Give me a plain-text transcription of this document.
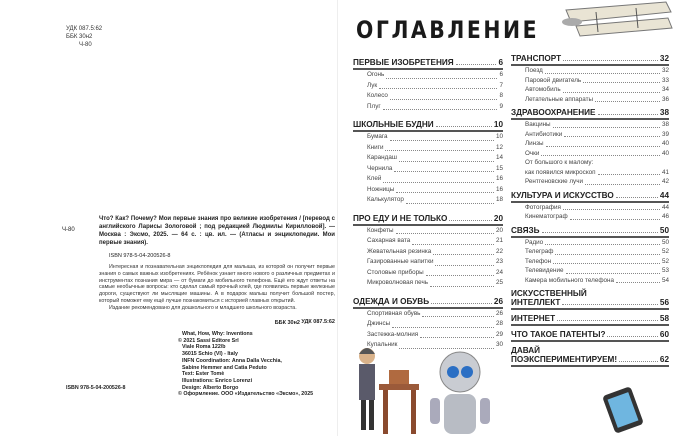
УДК 087.5:62
ББК 30н2
Ч-80
Ч-80
Что? Как? Почему? Мои первые знания про великие изобретения / [перевод с английского Ларисы Зологовой ; под редакцией Людмилы Кирилловой]. — Москва : Эксмо, 2025. — 64 с. : цв. ил. — (Атласы и энциклопедии. Мои первые знания).
ISBN 978-5-04-200526-8
Интересная и познавательная энциклопедия для малыша, из которой он получит первые знания о самых важных изобретениях. Ребёнок узнает много нового о различных предметах и инструментах познания мира — от бумаги до мобильного телефона. Ещё его ждут ответы на самые необычные вопросы: кто сделал самый прочный клей, где появились первые железные дороги, существуют ли мыслящие машины. А в подарок малыш получит большой постер, который поможет ему ещё лучше познакомиться с историей главных открытий.
Издание рекомендовано для дошкольного и младшего школьного возраста.
УДК 087.5:62
ББК 30н2
What, How, Why: Inventions
© 2021 Sassi Editore Srl
Viale Roma 122/b
36015 Schio (VI) - Italy
INFN Coordination: Anna Dalla Vecchia,
Sabine Hemmer and Catia Peduto
Text: Ester Tomè
Illustrations: Enrico Lorenzi
Design: Alberto Borgo
© Оформление. ООО «Издательство «Эксмо», 2025
ISBN 978-5-04-200526-8
ОГЛАВЛЕНИЕ
ПЕРВЫЕ ИЗОБРЕТЕНИЯ	6
Огонь	6
Лук	7
Колесо	8
Плуг	9
ШКОЛЬНЫЕ БУДНИ	10
Бумага	10
Книги	12
Карандаш	14
Чернила	15
Клей	16
Ножницы	16
Калькулятор	18
ПРО ЕДУ И НЕ ТОЛЬКО	20
Конфеты	20
Сахарная вата	21
Жевательная резинка	22
Газированные напитки	23
Столовые приборы	24
Микроволновая печь	25
ОДЕЖДА И ОБУВЬ	26
Спортивная обувь	26
Джинсы	28
Застежка-молния	29
Купальник	30
ТРАНСПОРТ	32
Поезд	32
Паровой двигатель	33
Автомобиль	34
Летательные аппараты	36
ЗДРАВООХРАНЕНИЕ	38
Вакцины	38
Антибиотики	39
Линзы	40
Очки	40
От большого к малому:
как появился микроскоп	41
Рентгеновские лучи	42
КУЛЬТУРА И ИСКУССТВО	44
Фотография	44
Кинематограф	46
СВЯЗЬ	50
Радио	50
Телеграф	52
Телефон	52
Телевидение	53
Камера мобильного телефона	54
ИСКУССТВЕННЫЙ
ИНТЕЛЛЕКТ	56
ИНТЕРНЕТ	58
ЧТО ТАКОЕ ПАТЕНТЫ?	60
ДАВАЙ
ПОЭКСПЕРИМЕНТИРУЕМ!	62
